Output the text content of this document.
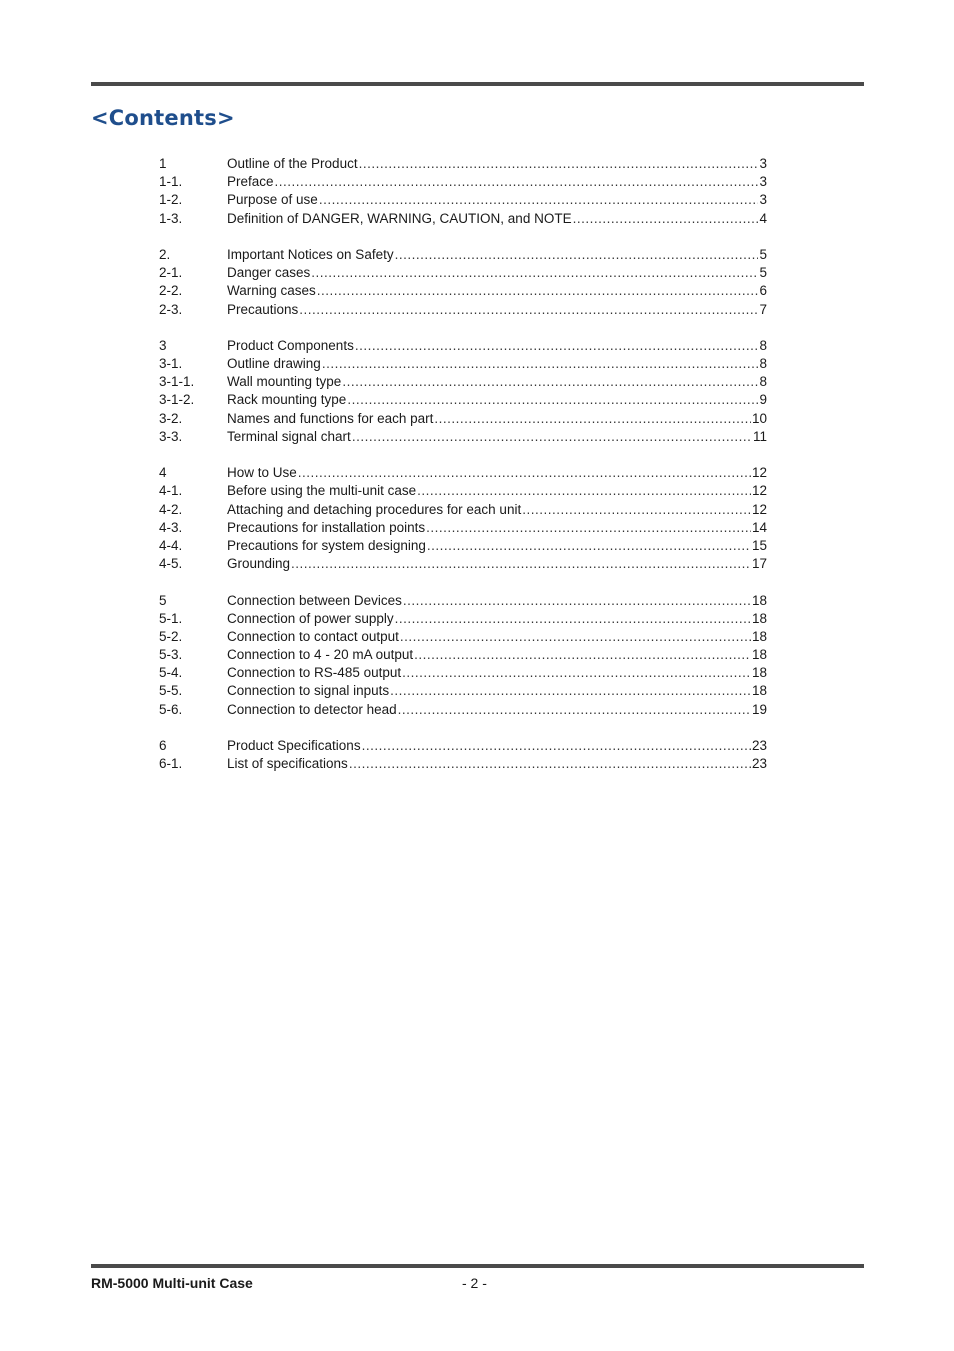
<Contents>
1	Outline of the Product .....	3
1-1.	Preface .....	3
1-2.	Purpose of use .....	3
1-3.	Definition of DANGER, WARNING, CAUTION, and NOTE .....	4
2.	Important Notices on Safety .....	5
2-1.	Danger cases .....	5
2-2.	Warning cases .....	6
2-3.	Precautions .....	7
3	Product Components .....	8
3-1.	Outline drawing .....	8
3-1-1.	Wall mounting type .....	8
3-1-2.	Rack mounting type .....	9
3-2.	Names and functions for each part .....	10
3-3.	Terminal signal chart .....	11
4	How to Use .....	12
4-1.	Before using the multi-unit case .....	12
4-2.	Attaching and detaching procedures for each unit .....	12
4-3.	Precautions for installation points .....	14
4-4.	Precautions for system designing .....	15
4-5.	Grounding .....	17
5	Connection between Devices .....	18
5-1.	Connection of power supply .....	18
5-2.	Connection to contact output .....	18
5-3.	Connection to 4 - 20 mA output .....	18
5-4.	Connection to RS-485 output .....	18
5-5.	Connection to signal inputs .....	18
5-6.	Connection to detector head .....	19
6	Product Specifications .....	23
6-1.	List of specifications .....	23
RM-5000 Multi-unit Case	- 2 -
